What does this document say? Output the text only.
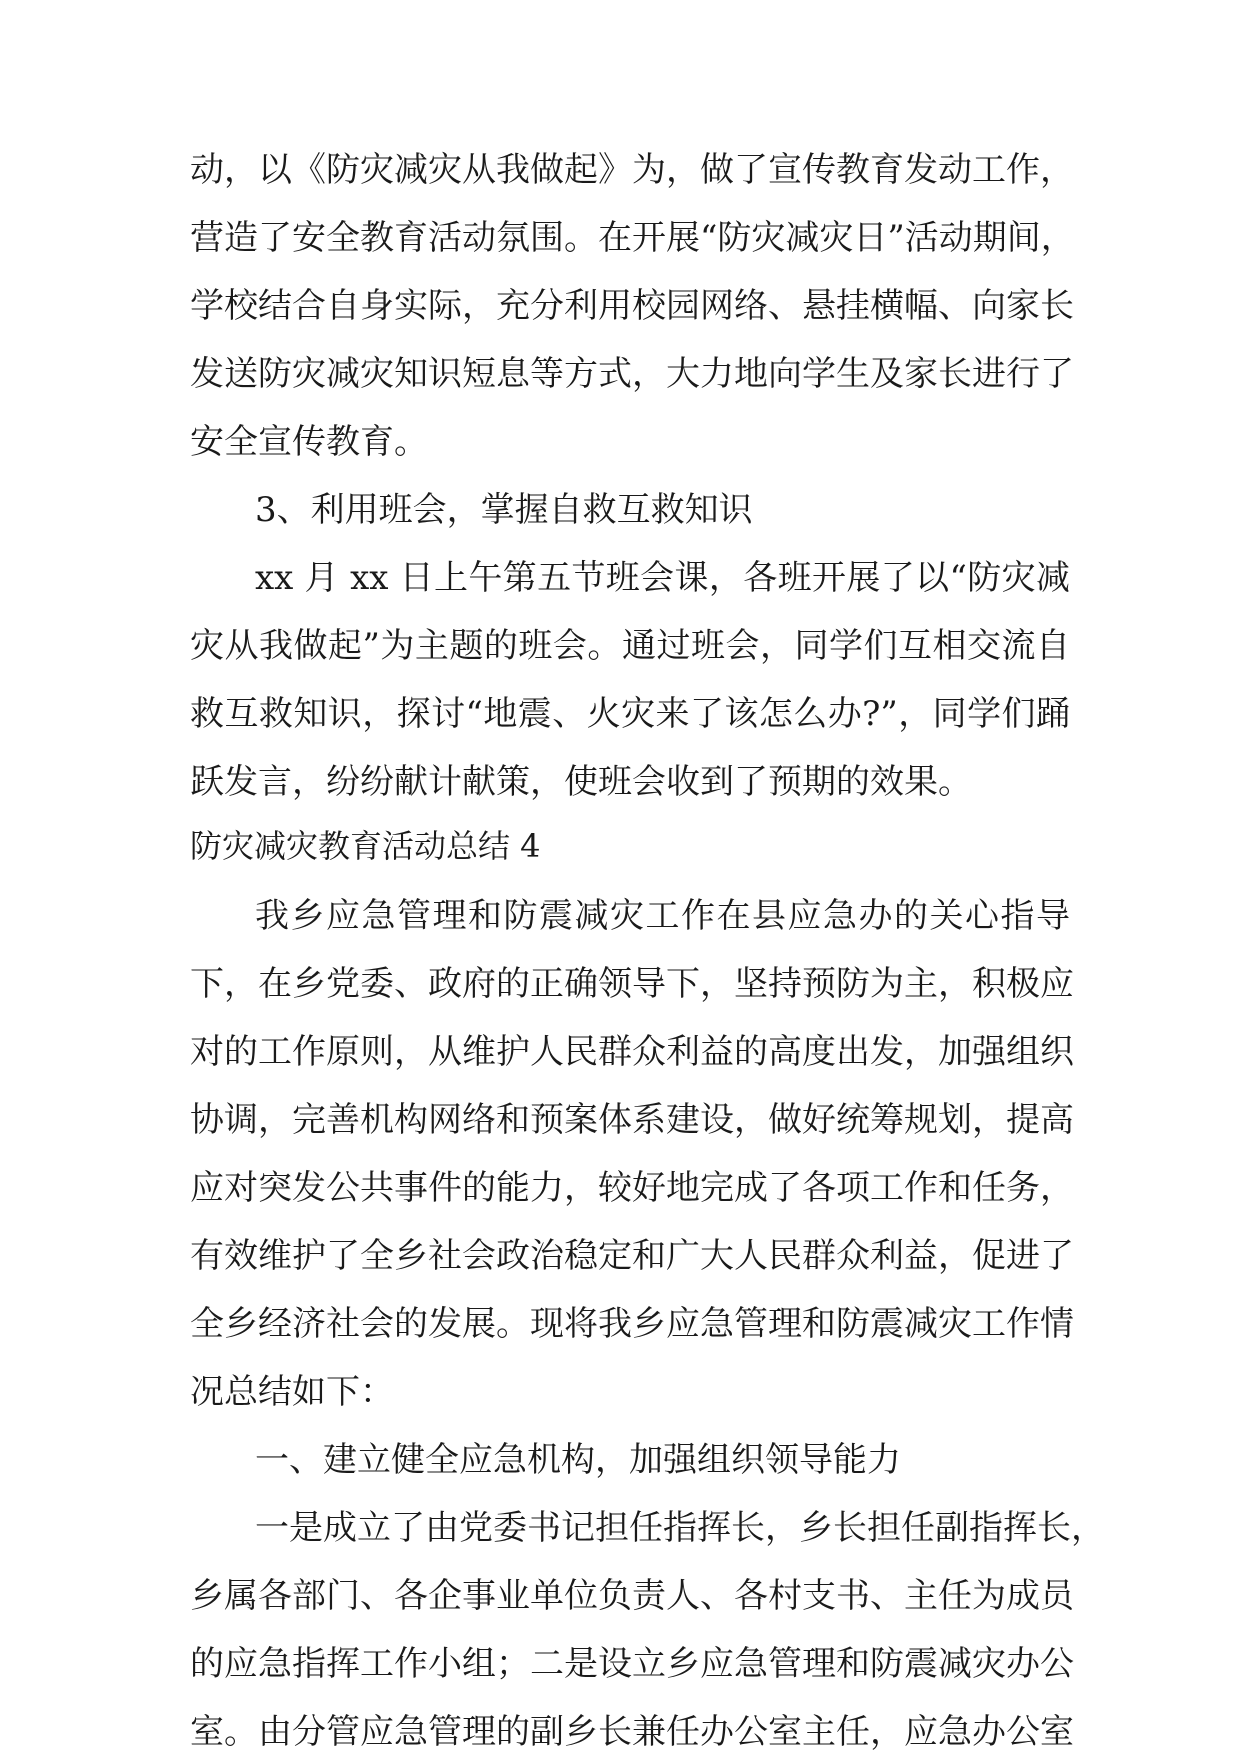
动，以《防灾减灾从我做起》为，做了宣传教育发动工作，
营造了安全教育活动氛围。在开展“防灾减灾日”活动期间，
学校结合自身实际，充分利用校园网络、悬挂横幅、向家长
发送防灾减灾知识短息等方式，大力地向学生及家长进行了
安全宣传教育。
3、利用班会，掌握自救互救知识
xx 月 xx 日上午第五节班会课，各班开展了以“防灾减
灾从我做起”为主题的班会。通过班会，同学们互相交流自
救互救知识，探讨“地震、火灾来了该怎么办?”，同学们踊
跃发言，纷纷献计献策，使班会收到了预期的效果。
防灾减灾教育活动总结 4
我乡应急管理和防震减灾工作在县应急办的关心指导
下，在乡党委、政府的正确领导下，坚持预防为主，积极应
对的工作原则，从维护人民群众利益的高度出发，加强组织
协调，完善机构网络和预案体系建设，做好统筹规划，提高
应对突发公共事件的能力，较好地完成了各项工作和任务，
有效维护了全乡社会政治稳定和广大人民群众利益，促进了
全乡经济社会的发展。现将我乡应急管理和防震减灾工作情
况总结如下：
一、建立健全应急机构，加强组织领导能力
一是成立了由党委书记担任指挥长，乡长担任副指挥长，
乡属各部门、各企事业单位负责人、各村支书、主任为成员
的应急指挥工作小组；二是设立乡应急管理和防震减灾办公
室。由分管应急管理的副乡长兼任办公室主任，应急办公室
